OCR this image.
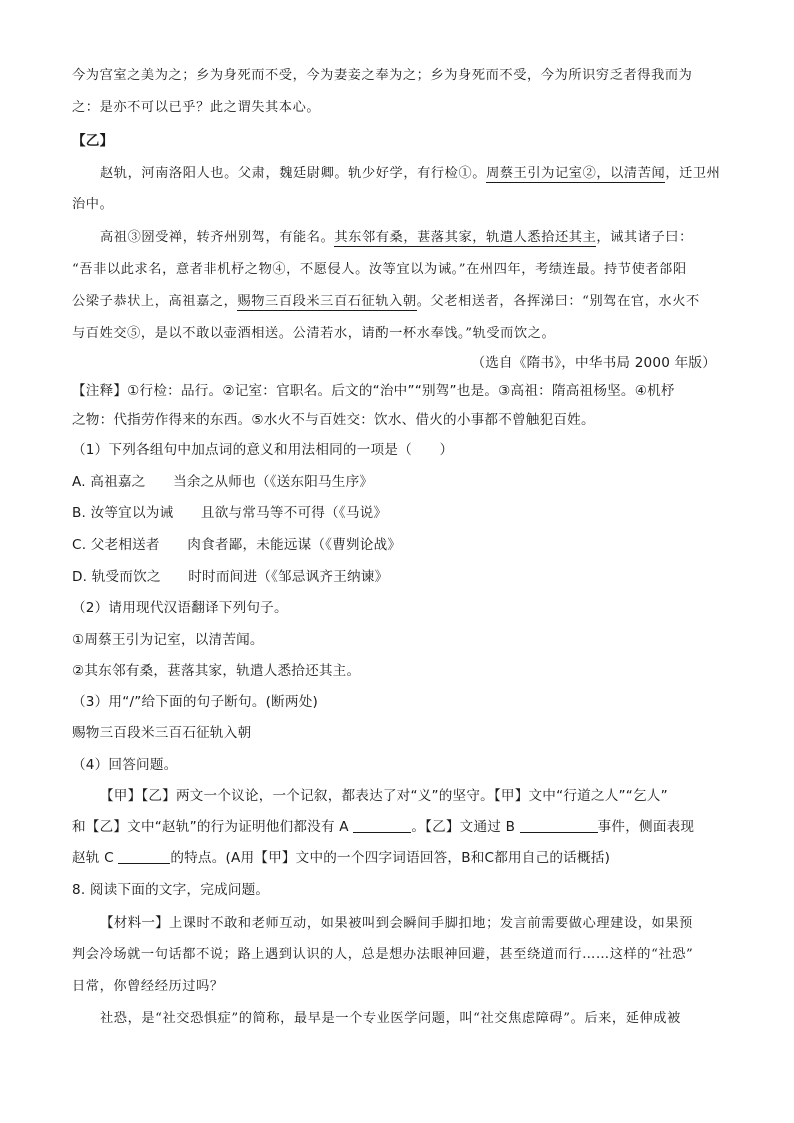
今为宫室之美为之；乡为身死而不受，今为妻妾之奉为之；乡为身死而不受，今为所识穷乏者得我而为
之：是亦不可以已乎？此之谓失其本心。
【乙】
赵轨，河南洛阳人也。父肃，魏廷尉卿。轨少好学，有行检①。周蔡王引为记室②，以清苦闻，迁卫州
治中。
高祖③圀受禅，转齐州别驾，有能名。其东邻有桑，葚落其家，轨遣人悉拾还其主，诫其诸子曰：
“吾非以此求名，意者非机杼之物④，不愿侵人。汝等宜以为诫。”在州四年，考绩连最。持节使者郃阳
公梁子恭状上，高祖嘉之，赐物三百段米三百石征轨入朝。父老相送者，各挥涕曰：“别驾在官，水火不
与百姓交⑤，是以不敢以壶酒相送。公清若水，请酌一杯水奉饯。”轨受而饮之。
（选自《隋书》，中华书局 2000 年版）
【注释】①行检：品行。②记室：官职名。后文的“治中”“别驾”也是。③高祖：隋高祖杨坚。④机杼
之物：代指劳作得来的东西。⑤水火不与百姓交：饮水、借火的小事都不曾触犯百姓。
（1）下列各组句中加点词的意义和用法相同的一项是（　　）
A. 高祖嘉之　　当余之从师也（《送东阳马生序》
B. 汝等宜以为诫　　且欲与常马等不可得（《马说》
C. 父老相送者　　肉食者鄙，未能远谋（《曹刿论战》
D. 轨受而饮之　　时时而间进（《邹忌讽齐王纳谏》
（2）请用现代汉语翻译下列句子。
①周蔡王引为记室，以清苦闻。
②其东邻有桑，葚落其家，轨遣人悉拾还其主。
（3）用“/”给下面的句子断句。(断两处)
赐物三百段米三百石征轨入朝
（4）回答问题。
【甲】【乙】两文一个议论，一个记叙，都表达了对“义”的坚守。【甲】文中“行道之人”“乞人”
和【乙】文中“赵轨”的行为证明他们都没有 A	。【乙】文通过 B	事件，侧面表现
赵轨 C	的特点。(A用【甲】文中的一个四字词语回答，B和C都用自己的话概括)
8. 阅读下面的文字，完成问题。
【材料一】上课时不敢和老师互动，如果被叫到会瞬间手脚扣地；发言前需要做心理建设，如果预
判会冷场就一句话都不说；路上遇到认识的人，总是想办法眼神回避，甚至绕道而行……这样的“社恐”
日常，你曾经经历过吗？
社恐，是“社交恐惧症”的简称，最早是一个专业医学问题，叫“社交焦虑障碍”。后来，延伸成被
